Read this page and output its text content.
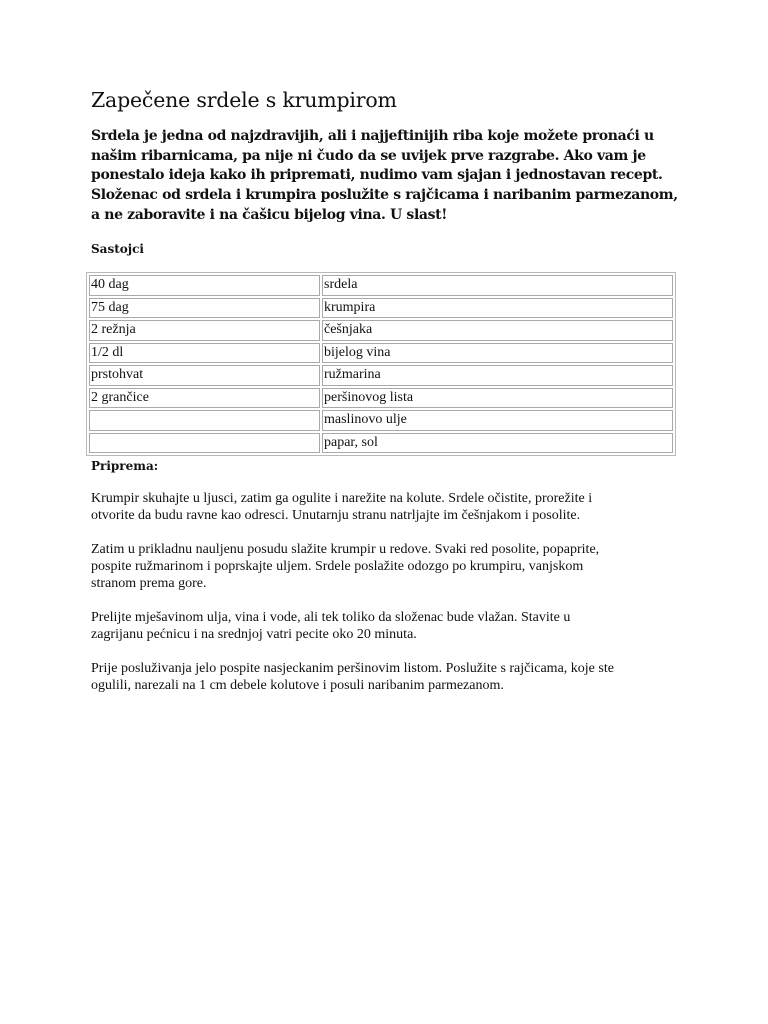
Zapečene srdele s krumpirom
Srdela je jedna od najzdravijih, ali i najjeftinijih riba koje možete pronaći u
našim ribarnicama, pa nije ni čudo da se uvijek prve razgrabe. Ako vam je
ponestalo ideja kako ih pripremati, nudimo vam sjajan i jednostavan recept.
Složenac od srdela i krumpira poslužite s rajčicama i naribanim parmezanom,
a ne zaboravite i na čašicu bijelog vina. U slast!
Sastojci
40 dag	srdela
75 dag	krumpira
2 režnja	češnjaka
1/2 dl	bijelog vina
prstohvat	ružmarina
2 grančice	peršinovog lista
	maslinovo ulje
	papar, sol
Priprema:

Krumpir skuhajte u ljusci, zatim ga ogulite i narežite na kolute. Srdele očistite, prorežite i
otvorite da budu ravne kao odresci. Unutarnju stranu natrljajte im češnjakom i posolite.

Zatim u prikladnu nauljenu posudu slažite krumpir u redove. Svaki red posolite, popaprite,
pospite ružmarinom i poprskajte uljem. Srdele poslažite odozgo po krumpiru, vanjskom
stranom prema gore.

Prelijte mješavinom ulja, vina i vode, ali tek toliko da složenac bude vlažan. Stavite u
zagrijanu pećnicu i na srednjoj vatri pecite oko 20 minuta.

Prije posluživanja jelo pospite nasjeckanim peršinovim listom. Poslužite s rajčicama, koje ste
ogulili, narezali na 1 cm debele kolutove i posuli naribanim parmezanom.
